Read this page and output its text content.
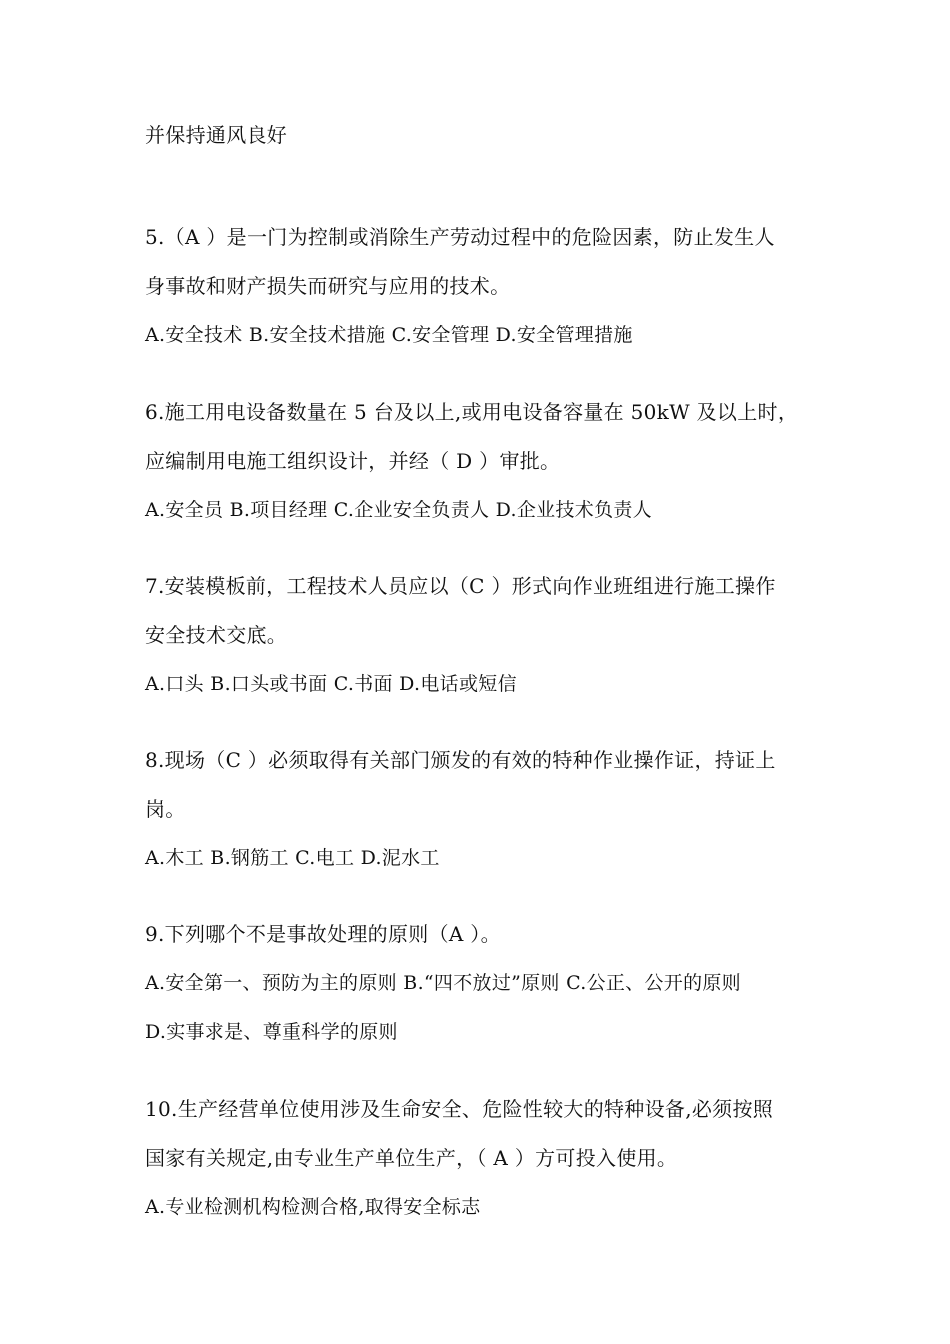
并保持通风良好
5.（A ）是一门为控制或消除生产劳动过程中的危险因素，防止发生人
身事故和财产损失而研究与应用的技术。
A.安全技术 B.安全技术措施 C.安全管理 D.安全管理措施
6.施工用电设备数量在 5 台及以上,或用电设备容量在 50kW 及以上时，
应编制用电施工组织设计，并经（ D ）审批。
A.安全员 B.项目经理 C.企业安全负责人 D.企业技术负责人
7.安装模板前，工程技术人员应以（C ）形式向作业班组进行施工操作
安全技术交底。
A.口头 B.口头或书面 C.书面 D.电话或短信
8.现场（C ）必须取得有关部门颁发的有效的特种作业操作证，持证上
岗。
A.木工 B.钢筋工 C.电工 D.泥水工
9.下列哪个不是事故处理的原则（A ）。
A.安全第一、预防为主的原则 B.“四不放过”原则 C.公正、公开的原则
D.实事求是、尊重科学的原则
10.生产经营单位使用涉及生命安全、危险性较大的特种设备,必须按照
国家有关规定,由专业生产单位生产，（ A ）方可投入使用。
A.专业检测机构检测合格,取得安全标志
